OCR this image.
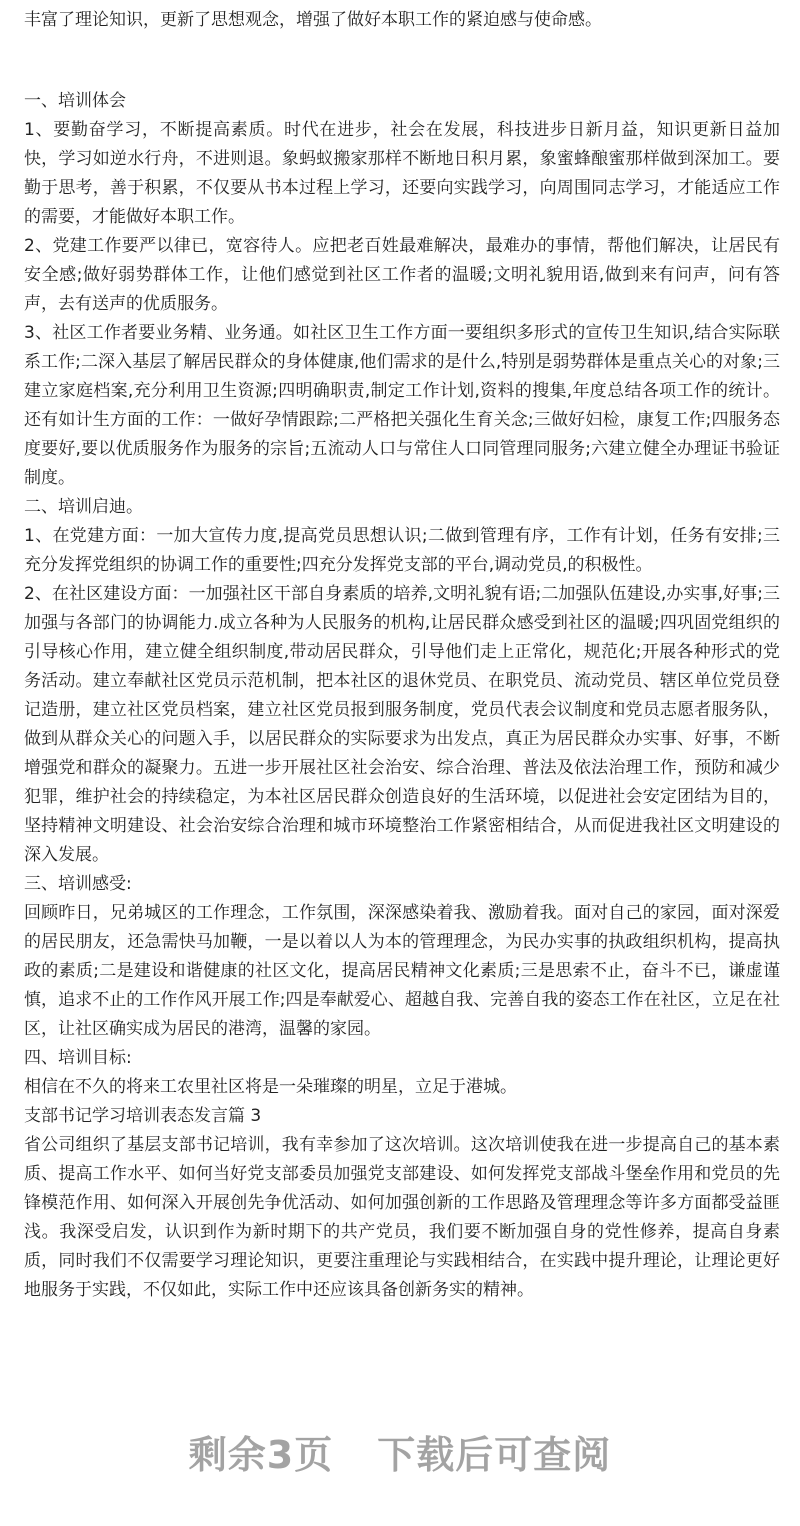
丰富了理论知识，更新了思想观念，增强了做好本职工作的紧迫感与使命感。
一、培训体会
1、要勤奋学习，不断提高素质。时代在进步，社会在发展，科技进步日新月益，知识更新日益加快，学习如逆水行舟，不进则退。象蚂蚁搬家那样不断地日积月累，象蜜蜂酿蜜那样做到深加工。要勤于思考，善于积累，不仅要从书本过程上学习，还要向实践学习，向周围同志学习，才能适应工作的需要，才能做好本职工作。
2、党建工作要严以律已，宽容待人。应把老百姓最难解决，最难办的事情，帮他们解决，让居民有安全感;做好弱势群体工作，让他们感觉到社区工作者的温暖;文明礼貌用语,做到来有问声，问有答声，去有送声的优质服务。
3、社区工作者要业务精、业务通。如社区卫生工作方面一要组织多形式的宣传卫生知识,结合实际联系工作;二深入基层了解居民群众的身体健康,他们需求的是什么,特别是弱势群体是重点关心的对象;三建立家庭档案,充分利用卫生资源;四明确职责,制定工作计划,资料的搜集,年度总结各项工作的统计。还有如计生方面的工作：一做好孕情跟踪;二严格把关强化生育关念;三做好妇检，康复工作;四服务态度要好,要以优质服务作为服务的宗旨;五流动人口与常住人口同管理同服务;六建立健全办理证书验证制度。
二、培训启迪。
1、在党建方面：一加大宣传力度,提高党员思想认识;二做到管理有序，工作有计划，任务有安排;三充分发挥党组织的协调工作的重要性;四充分发挥党支部的平台,调动党员,的积极性。
2、在社区建设方面：一加强社区干部自身素质的培养,文明礼貌有语;二加强队伍建设,办实事,好事;三加强与各部门的协调能力.成立各种为人民服务的机构,让居民群众感受到社区的温暖;四巩固党组织的引导核心作用，建立健全组织制度,带动居民群众，引导他们走上正常化，规范化;开展各种形式的党务活动。建立奉献社区党员示范机制，把本社区的退休党员、在职党员、流动党员、辖区单位党员登记造册，建立社区党员档案，建立社区党员报到服务制度，党员代表会议制度和党员志愿者服务队，做到从群众关心的问题入手，以居民群众的实际要求为出发点，真正为居民群众办实事、好事，不断增强党和群众的凝聚力。五进一步开展社区社会治安、综合治理、普法及依法治理工作，预防和减少犯罪，维护社会的持续稳定，为本社区居民群众创造良好的生活环境，以促进社会安定团结为目的，坚持精神文明建设、社会治安综合治理和城市环境整治工作紧密相结合，从而促进我社区文明建设的深入发展。
三、培训感受:
回顾昨日，兄弟城区的工作理念，工作氛围，深深感染着我、激励着我。面对自己的家园，面对深爱的居民朋友，还急需快马加鞭，一是以着以人为本的管理理念，为民办实事的执政组织机构，提高执政的素质;二是建设和谐健康的社区文化，提高居民精神文化素质;三是思索不止，奋斗不已，谦虚谨慎，追求不止的工作作风开展工作;四是奉献爱心、超越自我、完善自我的姿态工作在社区，立足在社区，让社区确实成为居民的港湾，温馨的家园。
四、培训目标:
相信在不久的将来工农里社区将是一朵璀璨的明星，立足于港城。
支部书记学习培训表态发言篇 3
省公司组织了基层支部书记培训，我有幸参加了这次培训。这次培训使我在进一步提高自己的基本素质、提高工作水平、如何当好党支部委员加强党支部建设、如何发挥党支部战斗堡垒作用和党员的先锋模范作用、如何深入开展创先争优活动、如何加强创新的工作思路及管理理念等许多方面都受益匪浅。我深受启发，认识到作为新时期下的共产党员，我们要不断加强自身的党性修养，提高自身素质，同时我们不仅需要学习理论知识，更要注重理论与实践相结合，在实践中提升理论，让理论更好地服务于实践，不仅如此，实际工作中还应该具备创新务实的精神。
剩余3页 下载后可查阅
